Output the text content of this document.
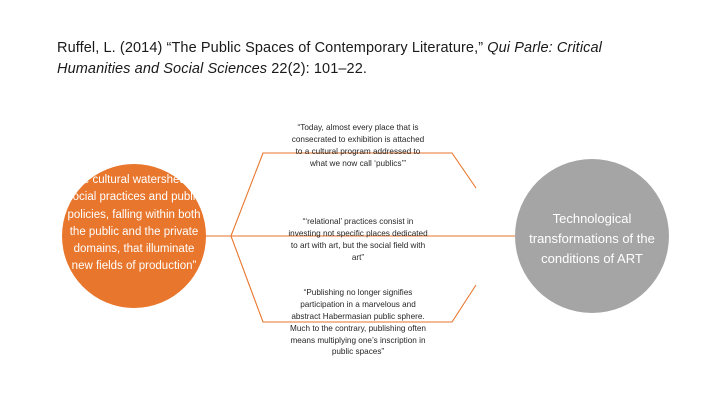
Ruffel, L. (2014) “The Public Spaces of Contemporary Literature,” Qui Parle: Critical Humanities and Social Sciences 22(2): 101–22.
“the cultural watershed of social practices and public policies, falling within both the public and the private domains, that illuminate new fields of production”
Technological transformations of the conditions of ART
“Today, almost every place that is consecrated to exhibition is attached to a cultural program addressed to what we now call ‘publics’”
“‘relational’ practices consist in investing not specific places dedicated to art with art, but the social field with art”
“Publishing no longer signifies participation in a marvelous and abstract Habermasian public sphere. Much to the contrary, publishing often means multiplying one’s inscription in public spaces”
